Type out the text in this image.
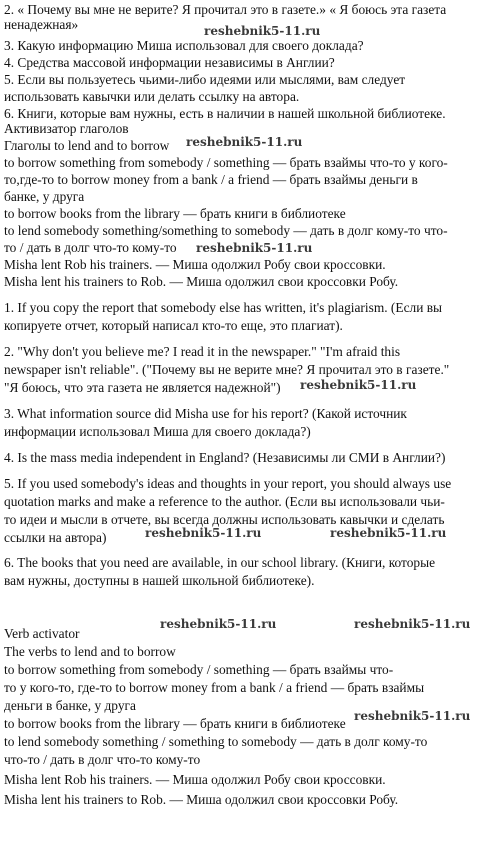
2. « Почему вы мне не верите? Я прочитал это в газете.» « Я боюсь эта газета
ненадежная»
3. Какую информацию Миша использовал для своего доклада?
4. Средства массовой информации независимы в Англии?
5. Если вы пользуетесь чьими-либо идеями или мыслями, вам следует
использовать кавычки или делать ссылку на автора.
6. Книги, которые вам нужны, есть в наличии в нашей школьной библиотеке.
Активизатор глаголов
Глаголы to lend and to borrow
to borrow something from somebody / something — брать взаймы что-то у кого-
то,где-то to borrow money from a bank / a friend — брать взаймы деньги в
банке, у друга
to borrow books from the library — брать книги в библиотеке
to lend somebody something/something to somebody — дать в долг кому-то что-
то / дать в долг что-то кому-то
Misha lent Rob his trainers. — Миша одолжил Робу свои кроссовки.
Misha lent his trainers to Rob. — Миша одолжил свои кроссовки Робу.
1. If you copy the report that somebody else has written, it's plagiarism. (Если вы
копируете отчет, который написал кто-то еще, это плагиат).
2. "Why don't you believe me? I read it in the newspaper." "I'm afraid this
newspaper isn't reliable". ("Почему вы не верите мне? Я прочитал это в газете."
"Я боюсь, что эта газета не является надежной")
3. What information source did Misha use for his report? (Какой источник
информации использовал Миша для своего доклада?)
4. Is the mass media independent in England? (Независимы ли СМИ в Англии?)
5. If you used somebody's ideas and thoughts in your report, you should always use
quotation marks and make a reference to the author. (Если вы использовали чьи-
то идеи и мысли в отчете, вы всегда должны использовать кавычки и сделать
ссылки на автора)
6. The books that you need are available, in our school library. (Книги, которые
вам нужны, доступны в нашей школьной библиотеке).
Verb activator
The verbs to lend and to borrow
to borrow something from somebody / something — брать взаймы что-
то у кого-то, где-то to borrow money from a bank / a friend — брать взаймы
деньги в банке, у друга
to borrow books from the library — брать книги в библиотеке
to lend somebody something / something to somebody — дать в долг кому-то
что-то / дать в долг что-то кому-то
Misha lent Rob his trainers. — Миша одолжил Робу свои кроссовки.
Misha lent his trainers to Rob. — Миша одолжил свои кроссовки Робу.
reshebnik5-11.ru
reshebnik5-11.ru
reshebnik5-11.ru
reshebnik5-11.ru
reshebnik5-11.ru	reshebnik5-11.ru
reshebnik5-11.ru	reshebnik5-11.ru
reshebnik5-11.ru
